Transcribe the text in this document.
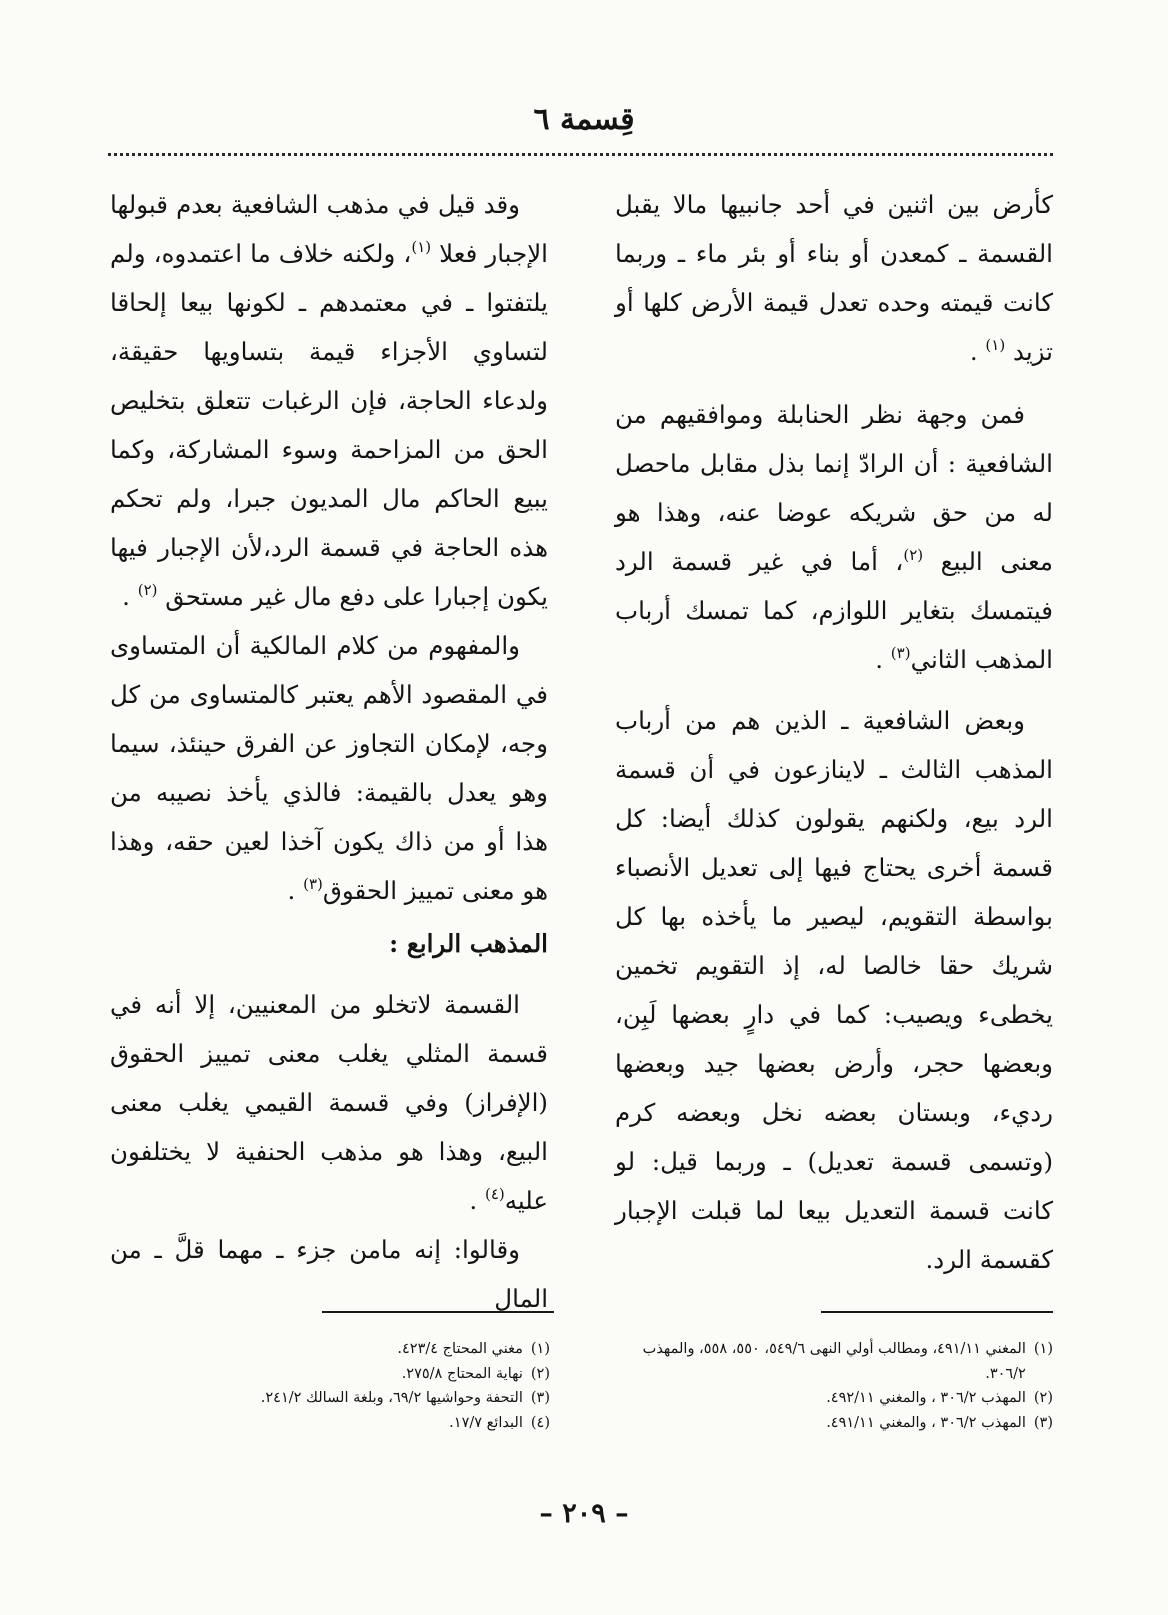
قِسمة ٦

كأرض بين اثنين في أحد جانبيها مالا يقبل القسمة ـ كمعدن أو بناء أو بئر ماء ـ وربما كانت قيمته وحده تعدل قيمة الأرض كلها أو تزيد $^{(١)}$ .

فمن وجهة نظر الحنابلة وموافقيهم من الشافعية : أن الرادّ إنما بذل مقابل ماحصل له من حق شريكه عوضا عنه، وهذا هو معنى البيع $^{(٢)}$، أما في غير قسمة الرد فيتمسك بتغاير اللوازم، كما تمسك أرباب المذهب الثاني$^{(٣)}$ .

وبعض الشافعية ـ الذين هم من أرباب المذهب الثالث ـ لاينازعون في أن قسمة الرد بيع، ولكنهم يقولون كذلك أيضا: كل قسمة أخرى يحتاج فيها إلى تعديل الأنصباء بواسطة التقويم، ليصير ما يأخذه بها كل شريك حقا خالصا له، إذ التقويم تخمين يخطىء ويصيب: كما في دارٍ بعضها لَبِن، وبعضها حجر، وأرض بعضها جيد وبعضها رديء، وبستان بعضه نخل وبعضه كرم (وتسمى قسمة تعديل) ـ وربما قيل: لو كانت قسمة التعديل بيعا لما قبلت الإجبار كقسمة الرد.

وقد قيل في مذهب الشافعية بعدم قبولها الإجبار فعلا $^{(١)}$، ولكنه خلاف ما اعتمدوه، ولم يلتفتوا ـ في معتمدهم ـ لكونها بيعا إلحاقا لتساوي الأجزاء قيمة بتساويها حقيقة، ولدعاء الحاجة، فإن الرغبات تتعلق بتخليص الحق من المزاحمة وسوء المشاركة، وكما يبيع الحاكم مال المديون جبرا، ولم تحكم هذه الحاجة في قسمة الرد،لأن الإجبار فيها يكون إجبارا على دفع مال غير مستحق $^{(٢)}$ .

والمفهوم من كلام المالكية أن المتساوى في المقصود الأهم يعتبر كالمتساوى من كل وجه، لإمكان التجاوز عن الفرق حينئذ، سيما وهو يعدل بالقيمة: فالذي يأخذ نصيبه من هذا أو من ذاك يكون آخذا لعين حقه، وهذا هو معنى تمييز الحقوق$^{(٣)}$ .

المذهب الرابع :

القسمة لاتخلو من المعنيين، إلا أنه في قسمة المثلي يغلب معنى تمييز الحقوق (الإفراز) وفي قسمة القيمي يغلب معنى البيع، وهذا هو مذهب الحنفية لا يختلفون عليه$^{(٤)}$ .

وقالوا: إنه مامن جزء ـ مهما قلَّ ـ من المال

(١)
المغني ٤٩١/١١، ومطالب أولي النهى ٥٤٩/٦، ٥٥٠، ٥٥٨، والمهذب ٣٠٦/٢.
(٢)
المهذب ٣٠٦/٢ ، والمغني ٤٩٢/١١.
(٣)
المهذب ٣٠٦/٢ ، والمغني ٤٩١/١١.
(١)
مغني المحتاج ٤٢٣/٤.
(٢)
نهاية المحتاج ٢٧٥/٨.
(٣)
التحفة وحواشيها ٦٩/٢، وبلغة السالك ٢٤١/٢.
(٤)
البدائع ١٧/٧.
– ٢٠٩ –
